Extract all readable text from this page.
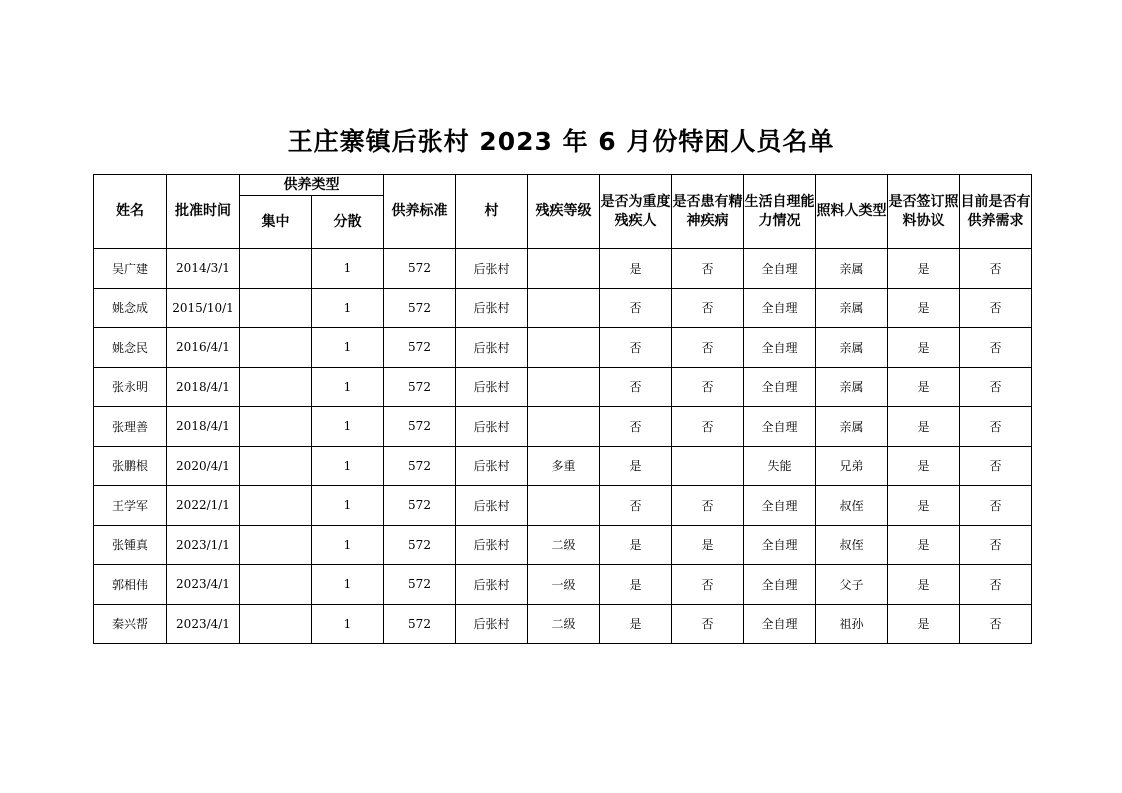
王庄寨镇后张村 2023 年 6 月份特困人员名单
姓名	批准时间	供养类型		供养标准	村	残疾等级	是否为重度残疾人	是否患有精神疾病	生活自理能力情况	照料人类型	是否签订照料协议	目前是否有供养需求
		集中	分散									
吴广建	2014/3/1		1	572	后张村		是	否	全自理	亲属	是	否
姚念成	2015/10/1		1	572	后张村		否	否	全自理	亲属	是	否
姚念民	2016/4/1		1	572	后张村		否	否	全自理	亲属	是	否
张永明	2018/4/1		1	572	后张村		否	否	全自理	亲属	是	否
张理善	2018/4/1		1	572	后张村		否	否	全自理	亲属	是	否
张鹏根	2020/4/1		1	572	后张村	多重	是		失能	兄弟	是	否
王学军	2022/1/1		1	572	后张村		否	否	全自理	叔侄	是	否
张锺真	2023/1/1		1	572	后张村	二级	是	是	全自理	叔侄	是	否
郭相伟	2023/4/1		1	572	后张村	一级	是	否	全自理	父子	是	否
秦兴帮	2023/4/1		1	572	后张村	二级	是	否	全自理	祖孙	是	否
